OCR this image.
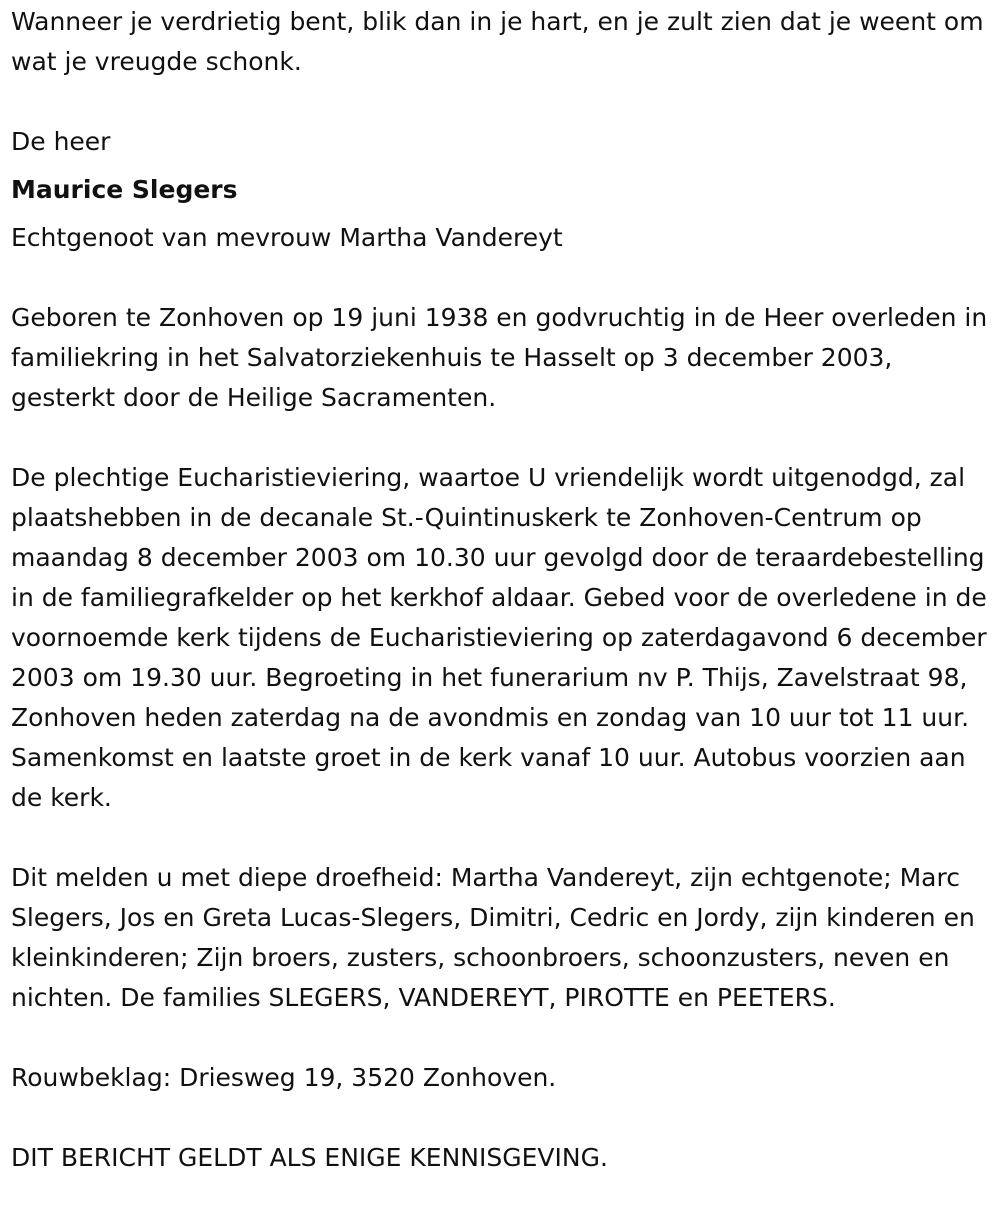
Wanneer je verdrietig bent, blik dan in je hart, en je zult zien dat je weent om wat je vreugde schonk.

De heer

Maurice Slegers

Echtgenoot van mevrouw Martha Vandereyt

Geboren te Zonhoven op 19 juni 1938 en godvruchtig in de Heer overleden in familiekring in het Salvatorziekenhuis te Hasselt op 3 december 2003, gesterkt door de Heilige Sacramenten.

De plechtige Eucharistieviering, waartoe U vriendelijk wordt uitgenodgd, zal plaatshebben in de decanale St.-Quintinuskerk te Zonhoven-Centrum op maandag 8 december 2003 om 10.30 uur gevolgd door de teraardebestelling in de familiegrafkelder op het kerkhof aldaar. Gebed voor de overledene in de voornoemde kerk tijdens de Eucharistieviering op zaterdagavond 6 december 2003 om 19.30 uur. Begroeting in het funerarium nv P. Thijs, Zavelstraat 98, Zonhoven heden zaterdag na de avondmis en zondag van 10 uur tot 11 uur. Samenkomst en laatste groet in de kerk vanaf 10 uur. Autobus voorzien aan de kerk.

Dit melden u met diepe droefheid: Martha Vandereyt, zijn echtgenote; Marc Slegers, Jos en Greta Lucas-Slegers, Dimitri, Cedric en Jordy, zijn kinderen en kleinkinderen; Zijn broers, zusters, schoonbroers, schoonzusters, neven en nichten. De families SLEGERS, VANDEREYT, PIROTTE en PEETERS.

Rouwbeklag: Driesweg 19, 3520 Zonhoven.

DIT BERICHT GELDT ALS ENIGE KENNISGEVING.
